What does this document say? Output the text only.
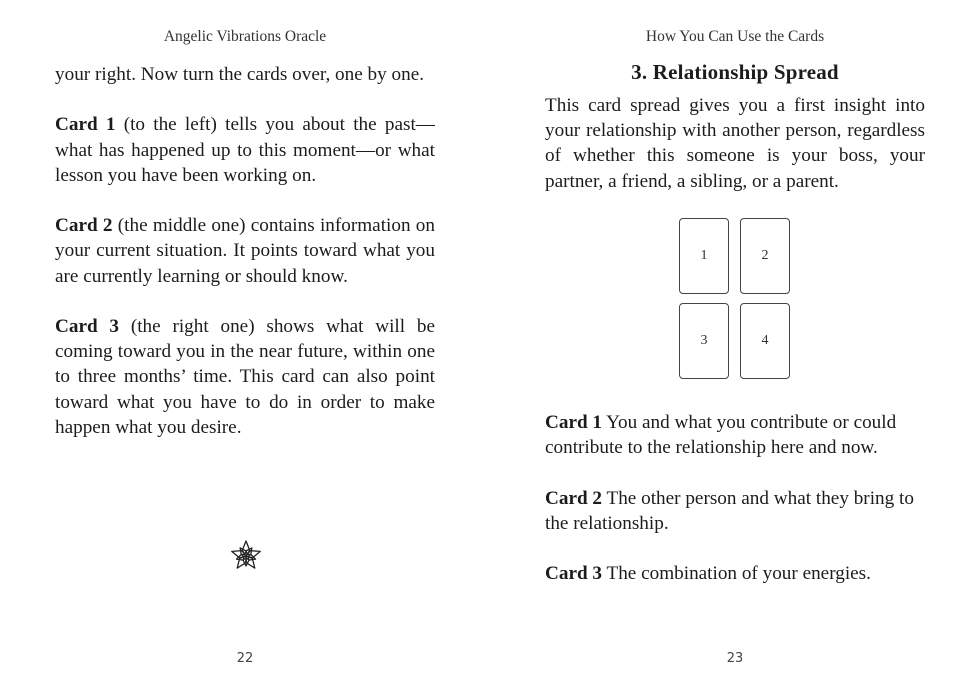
Angelic Vibrations Oracle

your right. Now turn the cards over, one by one.

Card 1 (to the left) tells you about the past—what has happened up to this moment—or what lesson you have been working on.

Card 2 (the middle one) contains information on your current situation. It points toward what you are currently learning or should know.

Card 3 (the right one) shows what will be coming toward you in the near future, within one to three months’ time. This card can also point toward what you have to do in order to make happen what you desire.

22
How You Can Use the Cards
3. Relationship Spread
This card spread gives you a first insight into your relationship with another person, regardless of whether this someone is your boss, your partner, a friend, a sibling, or a parent.
1	2
3	4

Card 1 You and what you contribute or could contribute to the relationship here and now.

Card 2 The other person and what they bring to the relationship.

Card 3 The combination of your energies.

23
